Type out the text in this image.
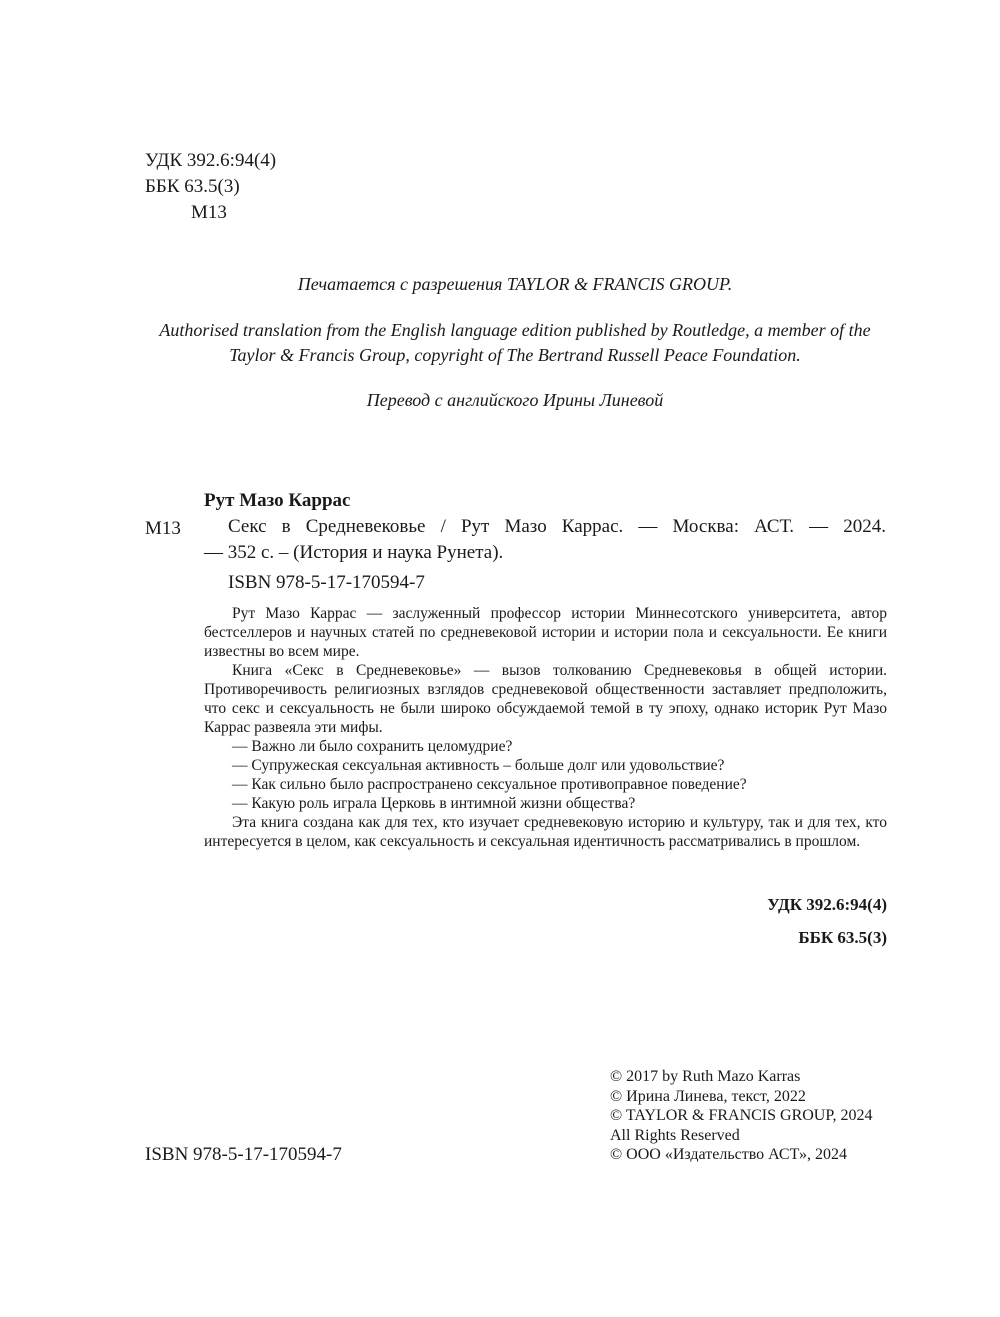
УДК 392.6:94(4)
ББК 63.5(3)
М13
Печатается с разрешения TAYLOR & FRANCIS GROUP.
Authorised translation from the English language edition published by Routledge, a member of the
Taylor & Francis Group, copyright of The Bertrand Russell Peace Foundation.
Перевод с английского Ирины Линевой
Рут Мазо Каррас
М13 Секс в Средневековье / Рут Мазо Каррас. — Москва: АСТ. — 2024.
— 352 с. – (История и наука Рунета).
ISBN 978-5-17-170594-7

Рут Мазо Каррас — заслуженный профессор истории Миннесотского университета, автор бестселлеров и научных статей по средневековой истории и истории пола и сексуальности. Ее книги известны во всем мире.

Книга «Секс в Средневековье» — вызов толкованию Средневековья в общей истории. Противоречивость религиозных взглядов средневековой общественности заставляет предположить, что секс и сексуальность не были широко обсуждаемой темой в ту эпоху, однако историк Рут Мазо Каррас развеяла эти мифы.

— Важно ли было сохранить целомудрие?

— Супружеская сексуальная активность – больше долг или удовольствие?

— Как сильно было распространено сексуальное противоправное поведение?

— Какую роль играла Церковь в интимной жизни общества?

Эта книга создана как для тех, кто изучает средневековую историю и культуру, так и для тех, кто интересуется в целом, как сексуальность и сексуальная идентичность рассматривались в прошлом.

УДК 392.6:94(4)
ББК 63.5(3)
ISBN 978-5-17-170594-7
© 2017 by Ruth Mazo Karras
© Ирина Линева, текст, 2022
© TAYLOR & FRANCIS GROUP, 2024
All Rights Reserved
© ООО «Издательство АСТ», 2024
